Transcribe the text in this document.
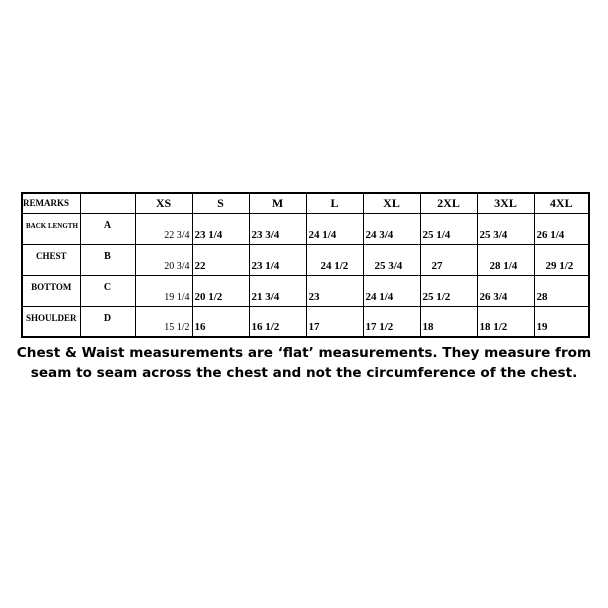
REMARKS		XS	S	M	L	XL	2XL	3XL	4XL

BACK LENGTH	A	22 3/4	23 1/4	23 3/4	24 1/4	24 3/4	25 1/4	25 3/4	26 1/4

CHEST	B	20 3/4	22	23 1/4	24 1/2	25 3/4	27	28 1/4	29 1/2

BOTTOM	C	19 1/4	20 1/2	21 3/4	23	24 1/4	25 1/2	26 3/4	28

SHOULDER	D	15 1/2	16	16 1/2	17	17 1/2	18	18 1/2	19
Chest & Waist measurements are ‘flat’ measurements. They measure from
seam to seam across the chest and not the circumference of the chest.
